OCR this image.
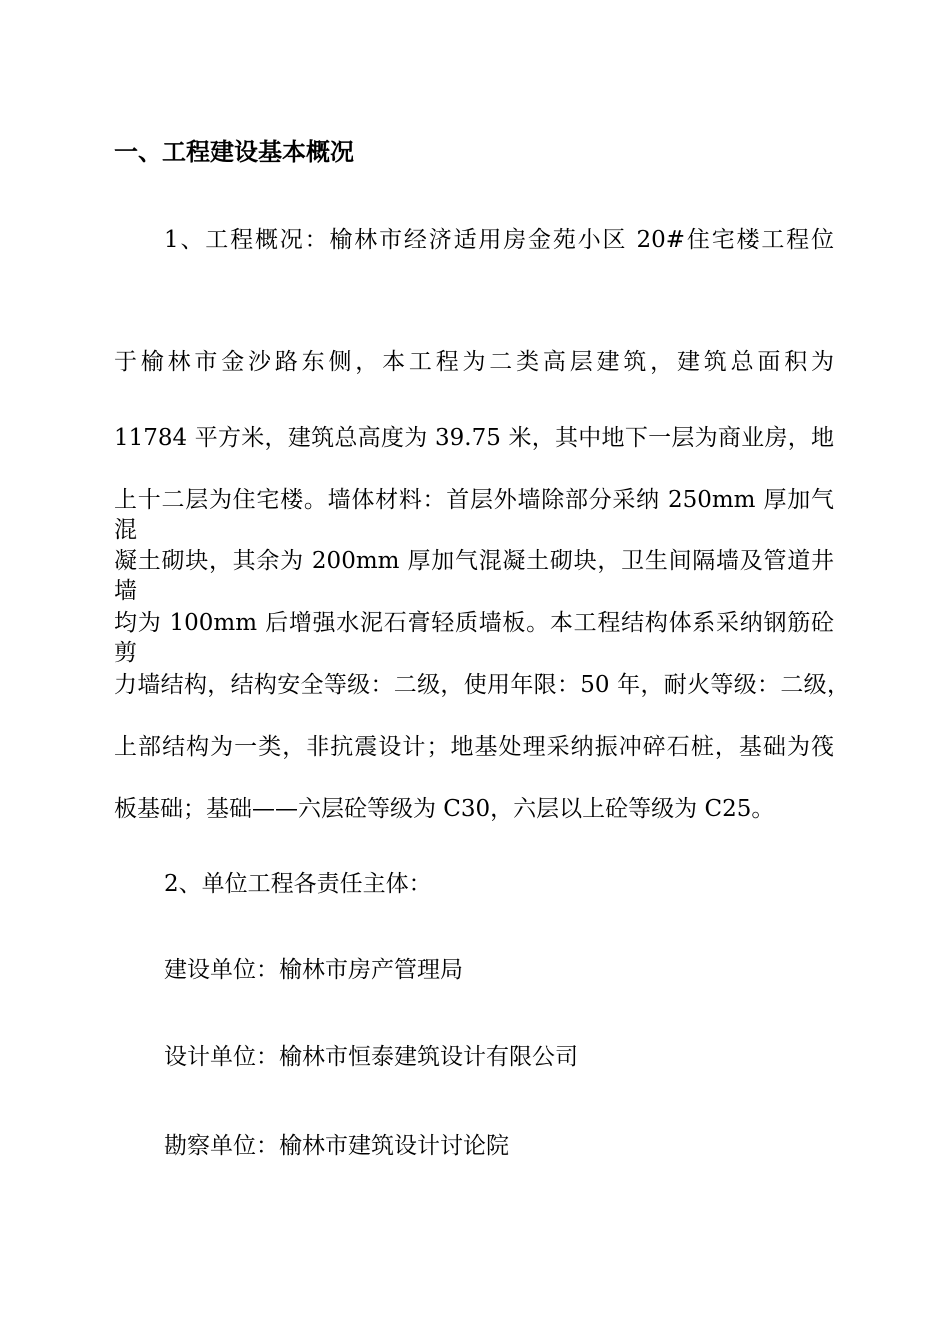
一、工程建设基本概况
1、工程概况：榆林市经济适用房金苑小区 20#住宅楼工程位
于榆林市金沙路东侧，本工程为二类高层建筑，建筑总面积为
11784 平方米，建筑总高度为 39.75 米，其中地下一层为商业房，地
上十二层为住宅楼。墙体材料：首层外墙除部分采纳 250mm 厚加气混
凝土砌块，其余为 200mm 厚加气混凝土砌块，卫生间隔墙及管道井墙
均为 100mm 后增强水泥石膏轻质墙板。本工程结构体系采纳钢筋砼剪
力墙结构，结构安全等级：二级，使用年限：50 年，耐火等级：二级，
上部结构为一类，非抗震设计；地基处理采纳振冲碎石桩，基础为筏
板基础；基础——六层砼等级为 C30，六层以上砼等级为 C25。
2、单位工程各责任主体：
建设单位：榆林市房产管理局
设计单位：榆林市恒泰建筑设计有限公司
勘察单位：榆林市建筑设计讨论院
